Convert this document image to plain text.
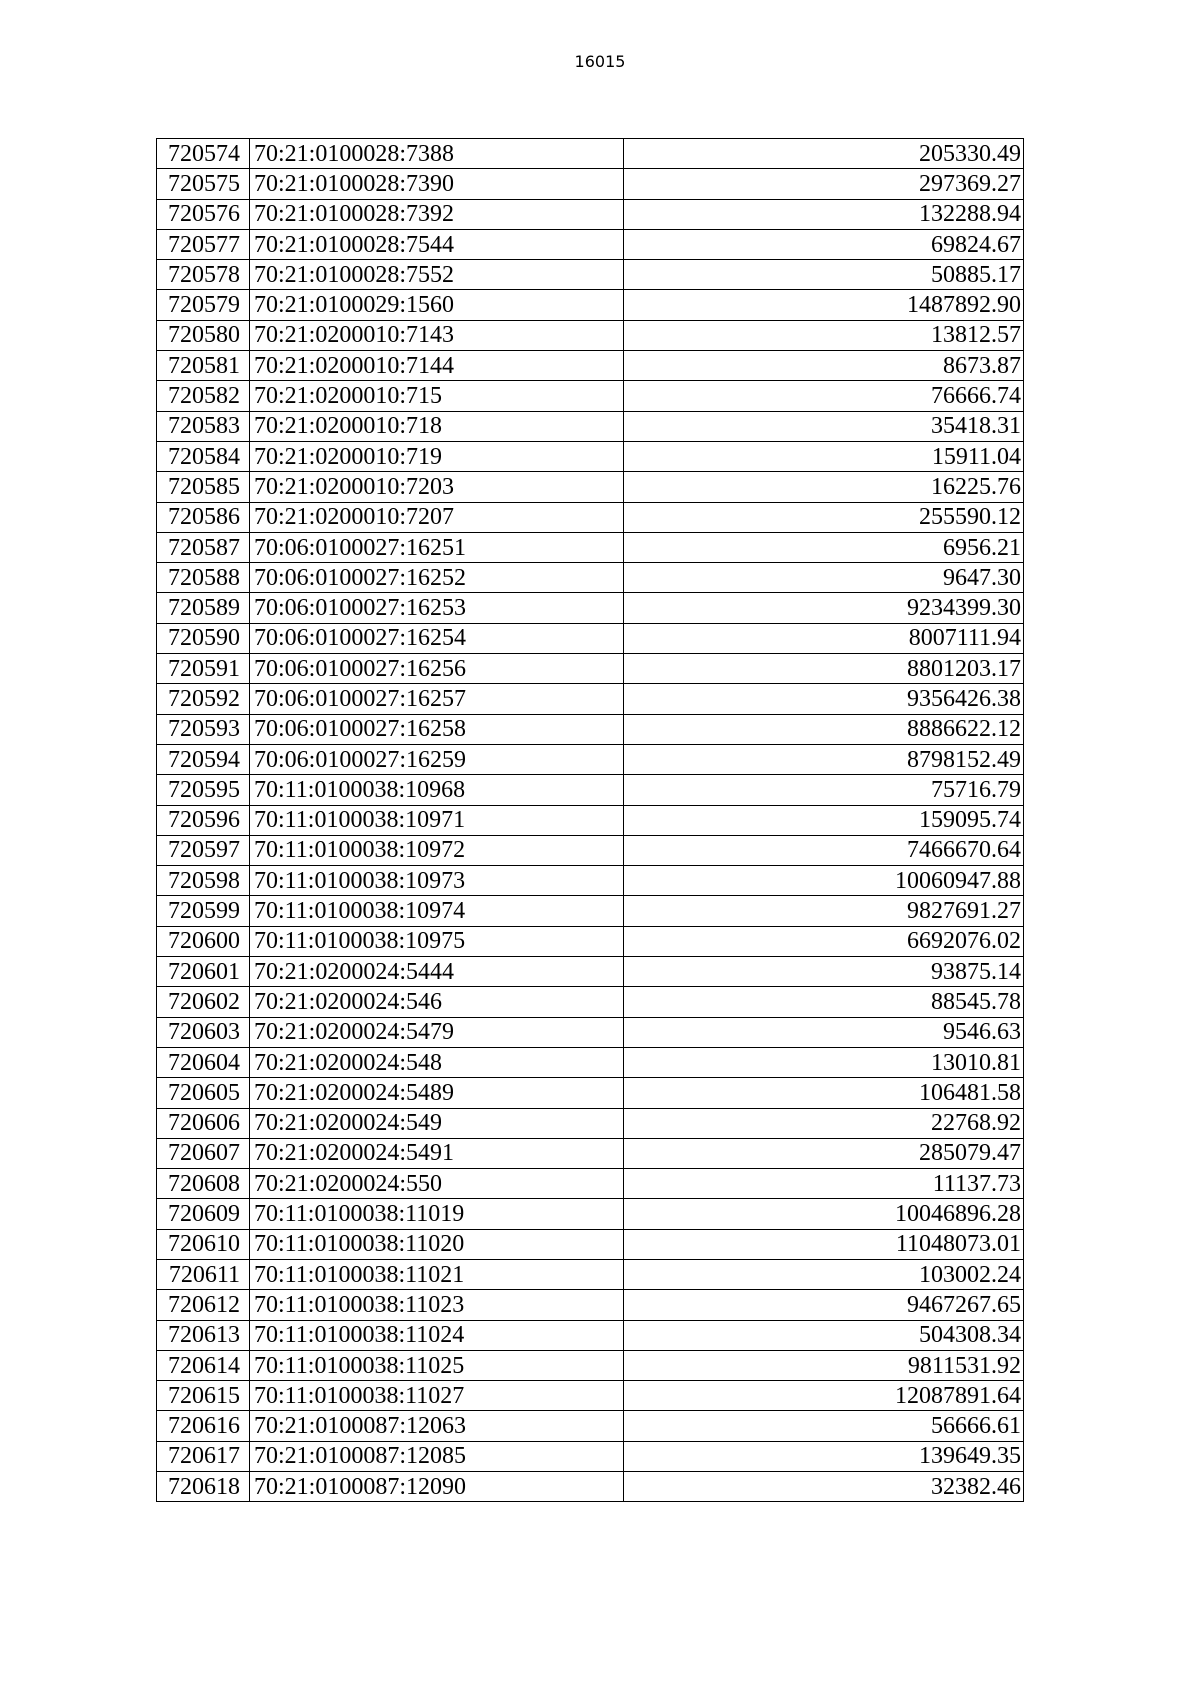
16015
720574	70:21:0100028:7388	205330.49
720575	70:21:0100028:7390	297369.27
720576	70:21:0100028:7392	132288.94
720577	70:21:0100028:7544	69824.67
720578	70:21:0100028:7552	50885.17
720579	70:21:0100029:1560	1487892.90
720580	70:21:0200010:7143	13812.57
720581	70:21:0200010:7144	8673.87
720582	70:21:0200010:715	76666.74
720583	70:21:0200010:718	35418.31
720584	70:21:0200010:719	15911.04
720585	70:21:0200010:7203	16225.76
720586	70:21:0200010:7207	255590.12
720587	70:06:0100027:16251	6956.21
720588	70:06:0100027:16252	9647.30
720589	70:06:0100027:16253	9234399.30
720590	70:06:0100027:16254	8007111.94
720591	70:06:0100027:16256	8801203.17
720592	70:06:0100027:16257	9356426.38
720593	70:06:0100027:16258	8886622.12
720594	70:06:0100027:16259	8798152.49
720595	70:11:0100038:10968	75716.79
720596	70:11:0100038:10971	159095.74
720597	70:11:0100038:10972	7466670.64
720598	70:11:0100038:10973	10060947.88
720599	70:11:0100038:10974	9827691.27
720600	70:11:0100038:10975	6692076.02
720601	70:21:0200024:5444	93875.14
720602	70:21:0200024:546	88545.78
720603	70:21:0200024:5479	9546.63
720604	70:21:0200024:548	13010.81
720605	70:21:0200024:5489	106481.58
720606	70:21:0200024:549	22768.92
720607	70:21:0200024:5491	285079.47
720608	70:21:0200024:550	11137.73
720609	70:11:0100038:11019	10046896.28
720610	70:11:0100038:11020	11048073.01
720611	70:11:0100038:11021	103002.24
720612	70:11:0100038:11023	9467267.65
720613	70:11:0100038:11024	504308.34
720614	70:11:0100038:11025	9811531.92
720615	70:11:0100038:11027	12087891.64
720616	70:21:0100087:12063	56666.61
720617	70:21:0100087:12085	139649.35
720618	70:21:0100087:12090	32382.46
